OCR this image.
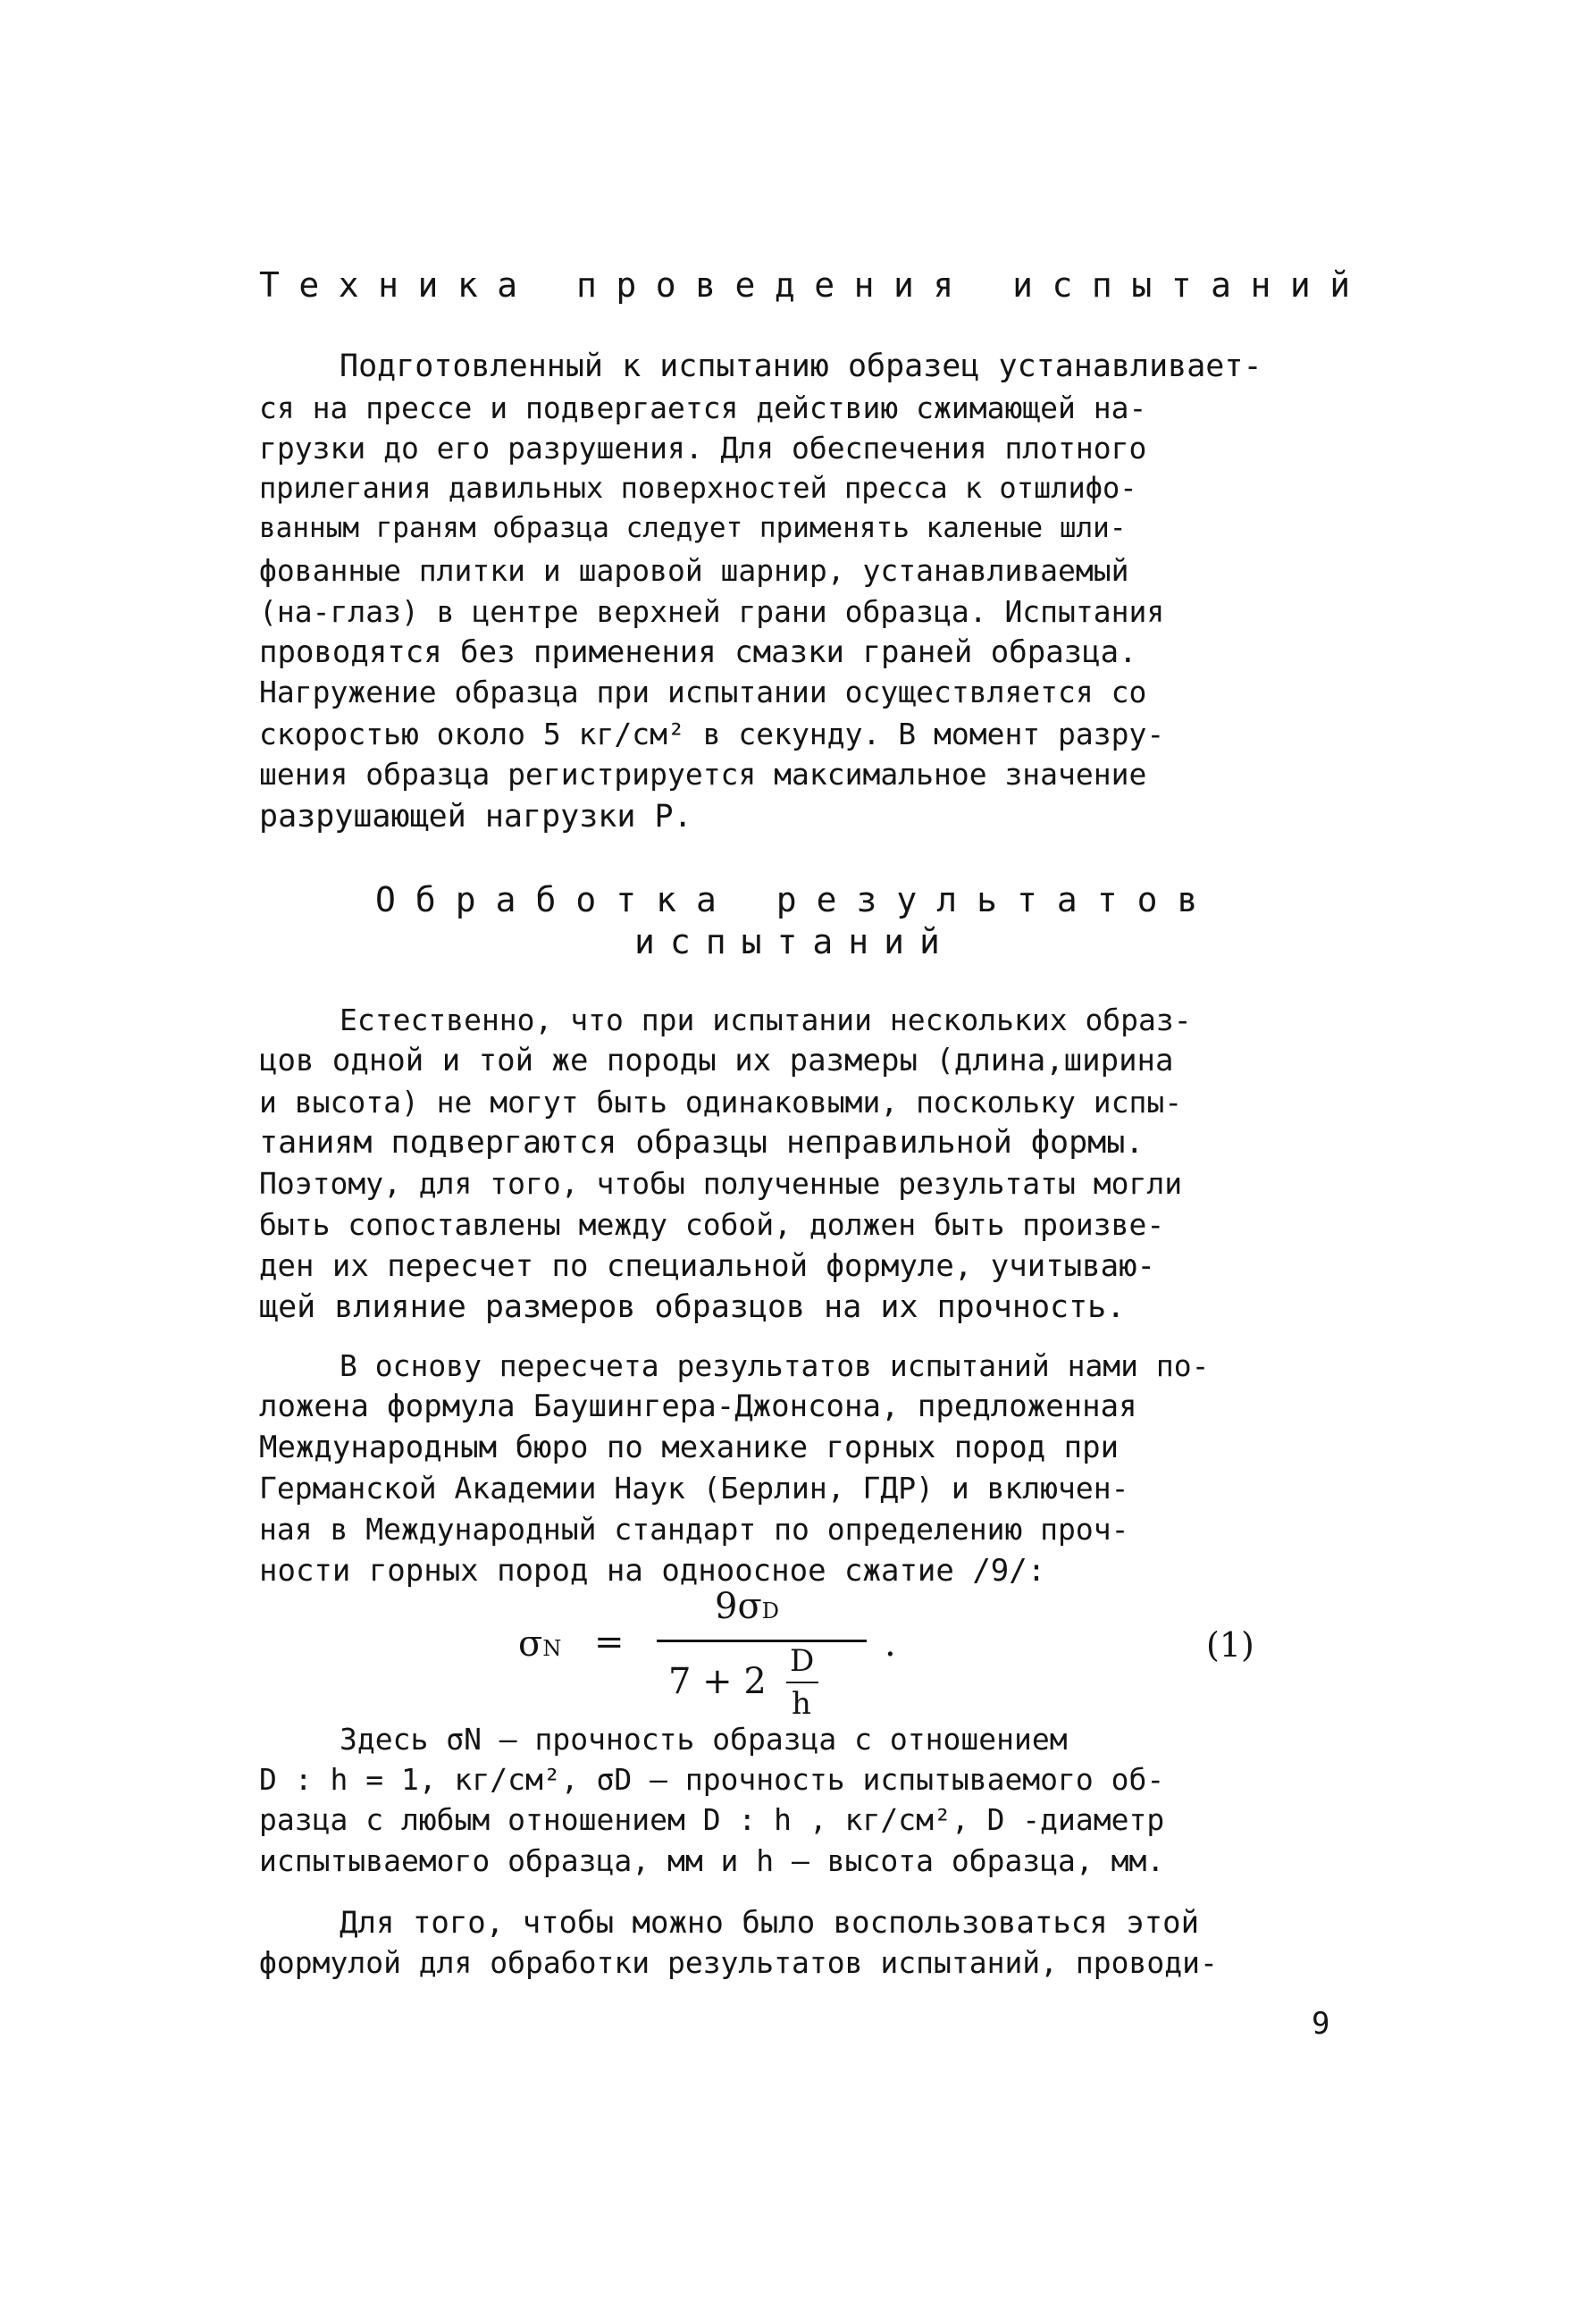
Техника проведения испытаний
Подготовленный к испытанию образец устанавливает-
ся на прессе и подвергается действию сжимающей на-
грузки до его разрушения. Для обеспечения плотного
прилегания давильных поверхностей пресса к отшлифо-
ванным граням образца следует применять каленые шли-
фованные плитки и шаровой шарнир, устанавливаемый
(на-глаз) в центре верхней грани образца. Испытания
проводятся без применения смазки граней образца.
Нагружение образца при испытании осуществляется со
скоростью около 5 кг/см² в секунду. В момент разру-
шения образца регистрируется максимальное значение
разрушающей нагрузки Р.
Обработка результатов
испытаний
Естественно, что при испытании нескольких образ-
цов одной и той же породы их размеры (длина,ширина
и высота) не могут быть одинаковыми, поскольку испы-
таниям подвергаются образцы неправильной формы.
Поэтому, для того, чтобы полученные результаты могли
быть сопоставлены между собой, должен быть произве-
ден их пересчет по специальной формуле, учитываю-
щей влияние размеров образцов на их прочность.
В основу пересчета результатов испытаний нами по-
ложена формула Баушингера-Джонсона, предложенная
Международным бюро по механике горных пород при
Германской Академии Наук (Берлин, ГДР) и включен-
ная в Международный стандарт по определению проч-
ности горных пород на одноосное сжатие /9/:
σN =
9σD
7 + 2 D
h
.	(1)
Здесь σN – прочность образца с отношением
D : h = 1, кг/см², σD – прочность испытываемого об-
разца с любым отношением D : h , кг/см², D -диаметр
испытываемого образца, мм и h – высота образца, мм.
Для того, чтобы можно было воспользоваться этой
формулой для обработки результатов испытаний, проводи-
9
